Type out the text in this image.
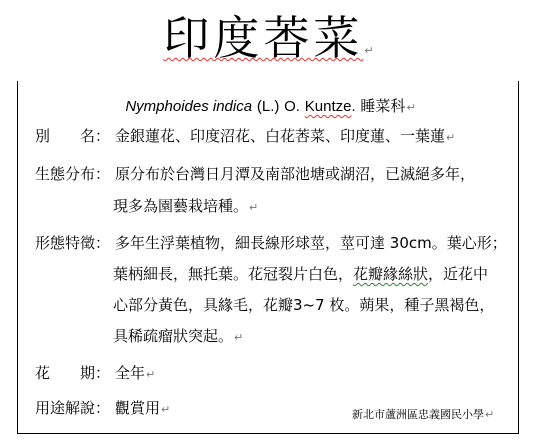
印度莕菜↵
Nymphoides indica (L.) O. Kuntze. 睡菜科↵
別　　名： 金銀蓮花、印度沼花、白花莕菜、印度蓮、一葉蓮↵
生態分布： 原分布於台灣日月潭及南部池塘或湖沼，已滅絕多年，
現多為園藝栽培種。↵
形態特徵： 多年生浮葉植物，細長線形球莖，莖可達 30cm。葉心形；
葉柄細長，無托葉。花冠裂片白色，花瓣緣絲狀，近花中
心部分黃色，具緣毛，花瓣3~7 枚。蒴果，種子黑褐色，
具稀疏瘤狀突起。↵
花　　期： 全年↵
用途解說： 觀賞用↵	新北市蘆洲區忠義國民小學↵
